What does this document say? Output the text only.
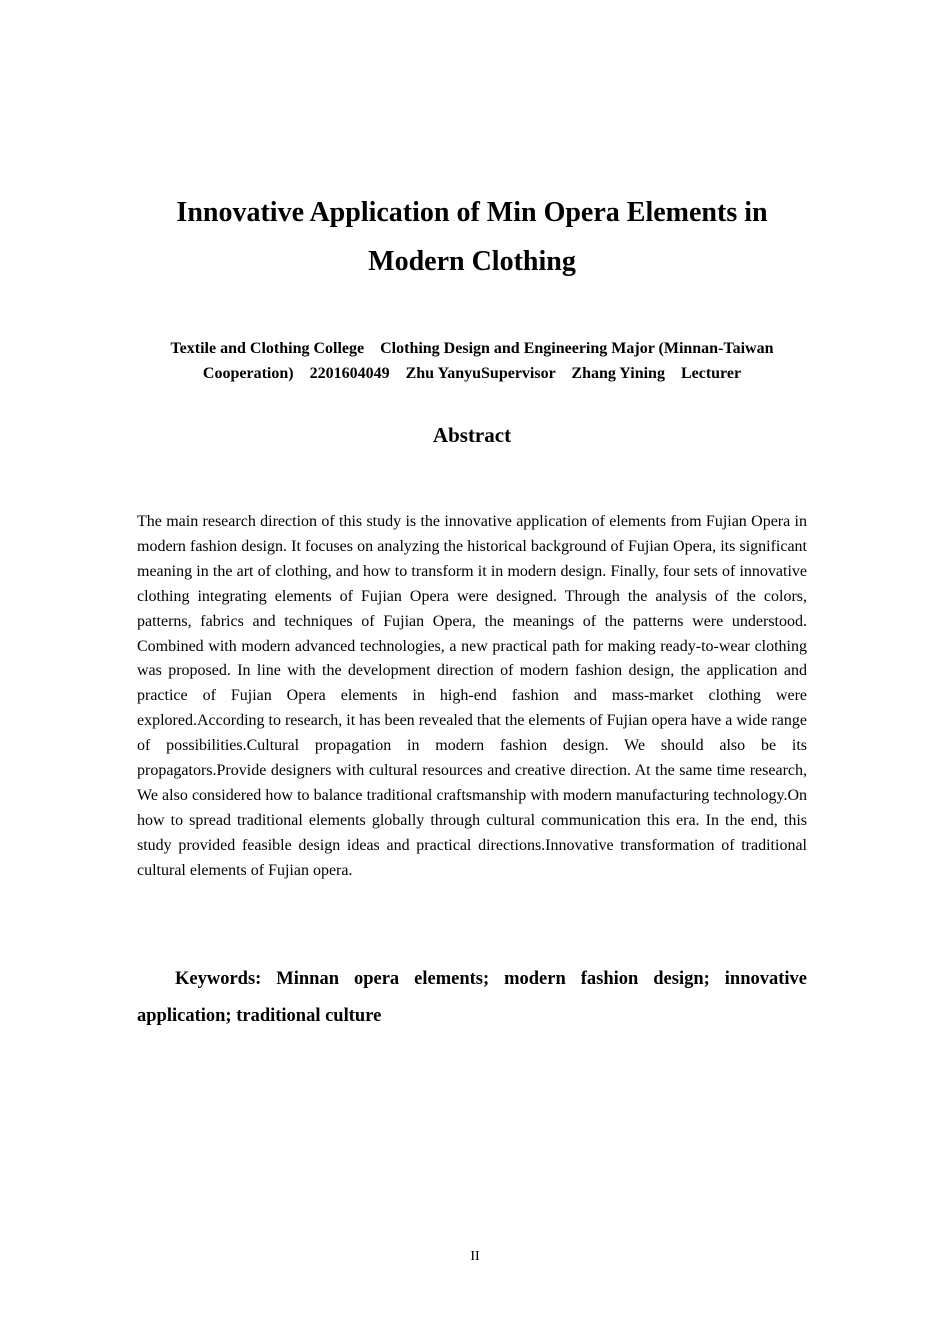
Innovative Application of Min Opera Elements in Modern Clothing
Textile and Clothing College    Clothing Design and Engineering Major (Minnan-Taiwan Cooperation)    2201604049    Zhu YanyuSupervisor    Zhang Yining    Lecturer
Abstract
The main research direction of this study is the innovative application of elements from Fujian Opera in modern fashion design. It focuses on analyzing the historical background of Fujian Opera, its significant meaning in the art of clothing, and how to transform it in modern design. Finally, four sets of innovative clothing integrating elements of Fujian Opera were designed. Through the analysis of the colors, patterns, fabrics and techniques of Fujian Opera, the meanings of the patterns were understood. Combined with modern advanced technologies, a new practical path for making ready-to-wear clothing was proposed. In line with the development direction of modern fashion design, the application and practice of Fujian Opera elements in high-end fashion and mass-market clothing were explored.According to research, it has been revealed that the elements of Fujian opera have a wide range of possibilities.Cultural propagation in modern fashion design. We should also be its propagators.Provide designers with cultural resources and creative direction. At the same time research, We also considered how to balance traditional craftsmanship with modern manufacturing technology.On how to spread traditional elements globally through cultural communication this era. In the end, this study provided feasible design ideas and practical directions.Innovative transformation of traditional cultural elements of Fujian opera.
Keywords: Minnan opera elements; modern fashion design; innovative application; traditional culture
II
